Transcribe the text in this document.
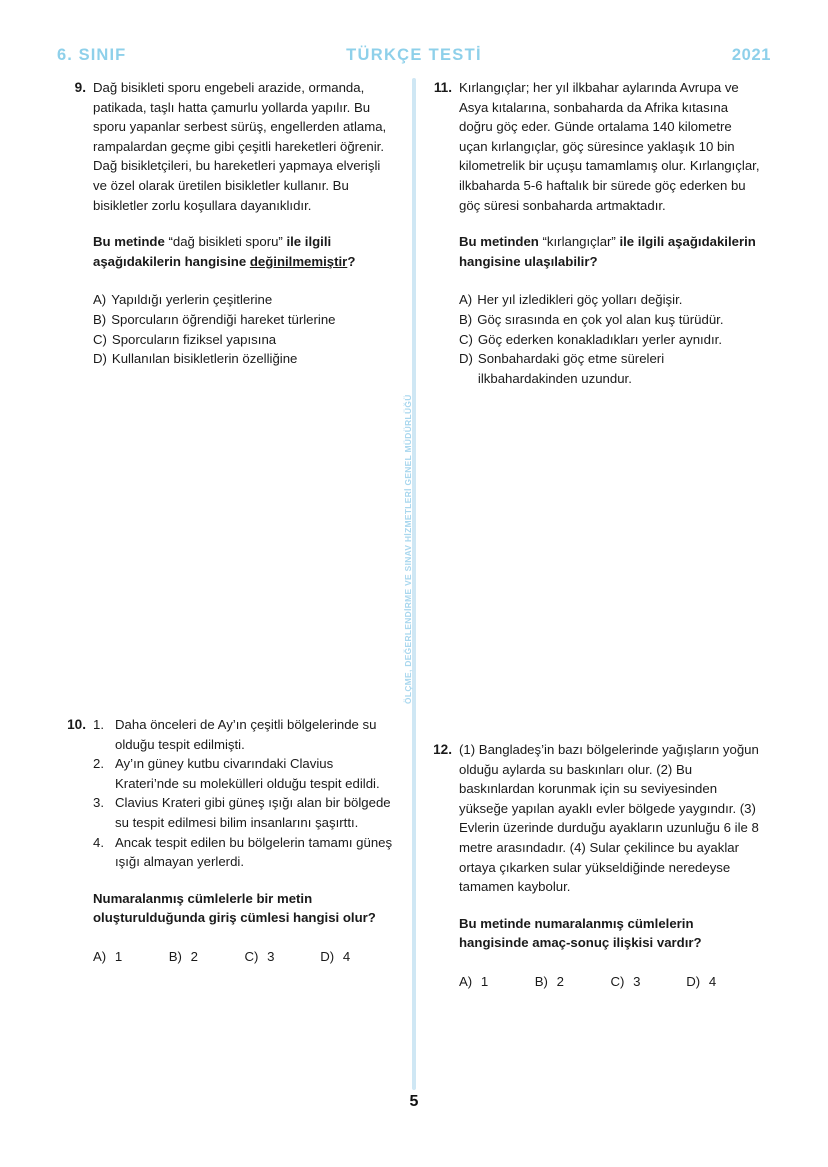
6. SINIF	TÜRKÇE TESTİ	2021
ÖLÇME, DEĞERLENDİRME VE SINAV HİZMETLERİ GENEL MÜDÜRLÜĞÜ
9. Dağ bisikleti sporu engebeli arazide, ormanda, patikada, taşlı hatta çamurlu yollarda yapılır. Bu sporu yapanlar serbest sürüş, engellerden atlama, rampalardan geçme gibi çeşitli hareketleri öğrenir. Dağ bisikletçileri, bu hareketleri yapmaya elverişli ve özel olarak üretilen bisikletler kullanır. Bu bisikletler zorlu koşullara dayanıklıdır.
Bu metinde “dağ bisikleti sporu” ile ilgili aşağıdakilerin hangisine değinilmemiştir?
A) Yapıldığı yerlerin çeşitlerine
B) Sporcuların öğrendiği hareket türlerine
C) Sporcuların fiziksel yapısına
D) Kullanılan bisikletlerin özelliğine
10. 1. Daha önceleri de Ay’ın çeşitli bölgelerinde su olduğu tespit edilmişti.
2. Ay’ın güney kutbu civarındaki Clavius Krateri’nde su molekülleri olduğu tespit edildi.
3. Clavius Krateri gibi güneş ışığı alan bir bölgede su tespit edilmesi bilim insanlarını şaşırttı.
4. Ancak tespit edilen bu bölgelerin tamamı güneş ışığı almayan yerlerdi.
Numaralanmış cümlelerle bir metin oluşturulduğunda giriş cümlesi hangisi olur?
A) 1	B) 2	C) 3	D) 4
11. Kırlangıçlar; her yıl ilkbahar aylarında Avrupa ve Asya kıtalarına, sonbaharda da Afrika kıtasına doğru göç eder. Günde ortalama 140 kilometre uçan kırlangıçlar, göç süresince yaklaşık 10 bin kilometrelik bir uçuşu tamamlamış olur. Kırlangıçlar, ilkbaharda 5-6 haftalık bir sürede göç ederken bu göç süresi sonbaharda artmaktadır.
Bu metinden “kırlangıçlar” ile ilgili aşağıdakilerin hangisine ulaşılabilir?
A) Her yıl izledikleri göç yolları değişir.
B) Göç sırasında en çok yol alan kuş türüdür.
C) Göç ederken konakladıkları yerler aynıdır.
D) Sonbahardaki göç etme süreleri ilkbahardakinden uzundur.
12. (1) Bangladeş’in bazı bölgelerinde yağışların yoğun olduğu aylarda su baskınları olur. (2) Bu baskınlardan korunmak için su seviyesinden yükseğe yapılan ayaklı evler bölgede yaygındır. (3) Evlerin üzerinde durduğu ayakların uzunluğu 6 ile 8 metre arasındadır. (4) Sular çekilince bu ayaklar ortaya çıkarken sular yükseldiğinde neredeyse tamamen kaybolur.
Bu metinde numaralanmış cümlelerin hangisinde amaç-sonuç ilişkisi vardır?
A) 1	B) 2	C) 3	D) 4
5
